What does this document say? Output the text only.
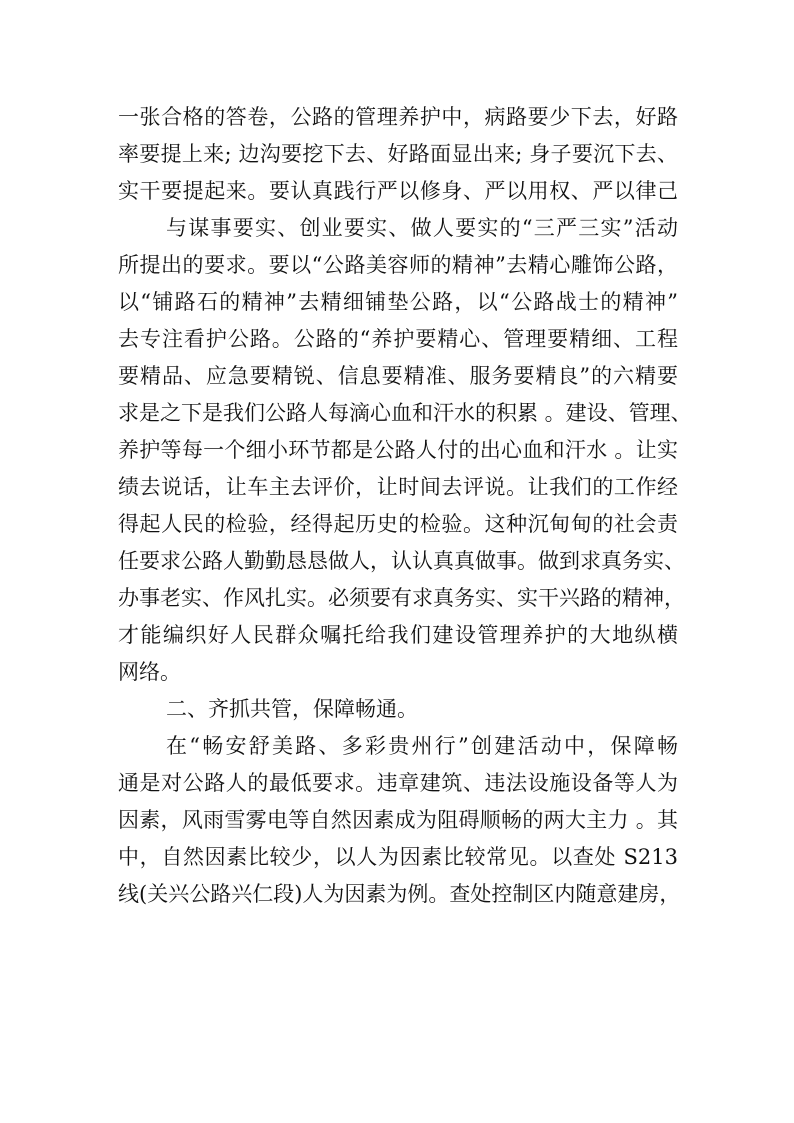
一张合格的答卷，公路的管理养护中，病路要少下去，好路
率要提上来; 边沟要挖下去、好路面显出来; 身子要沉下去、
实干要提起来。要认真践行严以修身、严以用权、严以律己
与谋事要实、创业要实、做人要实的“三严三实”活动
所提出的要求。要以“公路美容师的精神”去精心雕饰公路，
以“铺路石的精神”去精细铺垫公路，以“公路战士的精神”
去专注看护公路。公路的“养护要精心、管理要精细、工程
要精品、应急要精锐、信息要精准、服务要精良”的六精要
求是之下是我们公路人每滴心血和汗水的积累 。建设、管理、
养护等每一个细小环节都是公路人付的出心血和汗水 。让实
绩去说话，让车主去评价，让时间去评说。让我们的工作经
得起人民的检验，经得起历史的检验。这种沉甸甸的社会责
任要求公路人勤勤恳恳做人，认认真真做事。做到求真务实、
办事老实、作风扎实。必须要有求真务实、实干兴路的精神，
才能编织好人民群众嘱托给我们建设管理养护的大地纵横
网络。
二、齐抓共管，保障畅通。
在“畅安舒美路、多彩贵州行”创建活动中，保障畅
通是对公路人的最低要求。违章建筑、违法设施设备等人为
因素，风雨雪雾电等自然因素成为阻碍顺畅的两大主力 。其
中，自然因素比较少，以人为因素比较常见。以查处 S213
线(关兴公路兴仁段)人为因素为例。查处控制区内随意建房，
